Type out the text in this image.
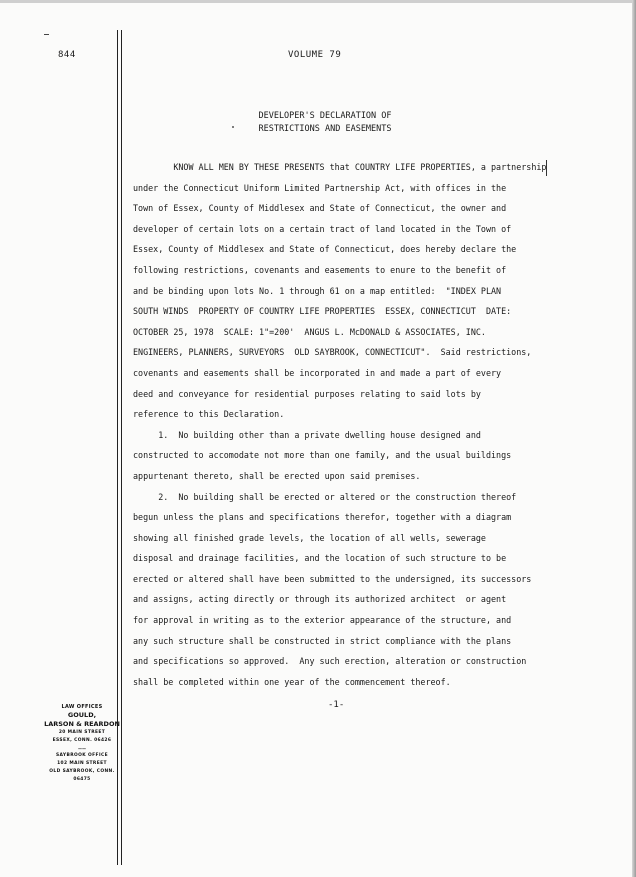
844	VOLUME 79
DEVELOPER'S DECLARATION OF
RESTRICTIONS AND EASEMENTS
KNOW ALL MEN BY THESE PRESENTS that COUNTRY LIFE PROPERTIES, a partnership
under the Connecticut Uniform Limited Partnership Act, with offices in the
Town of Essex, County of Middlesex and State of Connecticut, the owner and
developer of certain lots on a certain tract of land located in the Town of
Essex, County of Middlesex and State of Connecticut, does hereby declare the
following restrictions, covenants and easements to enure to the benefit of
and be binding upon lots No. 1 through 61 on a map entitled:  "INDEX PLAN
SOUTH WINDS  PROPERTY OF COUNTRY LIFE PROPERTIES  ESSEX, CONNECTICUT  DATE:
OCTOBER 25, 1978  SCALE: 1"=200'  ANGUS L. McDONALD & ASSOCIATES, INC.
ENGINEERS, PLANNERS, SURVEYORS  OLD SAYBROOK, CONNECTICUT".  Said restrictions,
covenants and easements shall be incorporated in and made a part of every
deed and conveyance for residential purposes relating to said lots by
reference to this Declaration.
1.  No building other than a private dwelling house designed and
constructed to accomodate not more than one family, and the usual buildings
appurtenant thereto, shall be erected upon said premises.
2.  No building shall be erected or altered or the construction thereof
begun unless the plans and specifications therefor, together with a diagram
showing all finished grade levels, the location of all wells, sewerage
disposal and drainage facilities, and the location of such structure to be
erected or altered shall have been submitted to the undersigned, its successors
and assigns, acting directly or through its authorized architect  or agent
for approval in writing as to the exterior appearance of the structure, and
any such structure shall be constructed in strict compliance with the plans
and specifications so approved.  Any such erection, alteration or construction
shall be completed within one year of the commencement thereof.
-1-
LAW OFFICES
GOULD,
LARSON & REARDON
20 MAIN STREET
ESSEX, CONN. 06426
——
SAYBROOK OFFICE
102 MAIN STREET
OLD SAYBROOK, CONN.
06475
